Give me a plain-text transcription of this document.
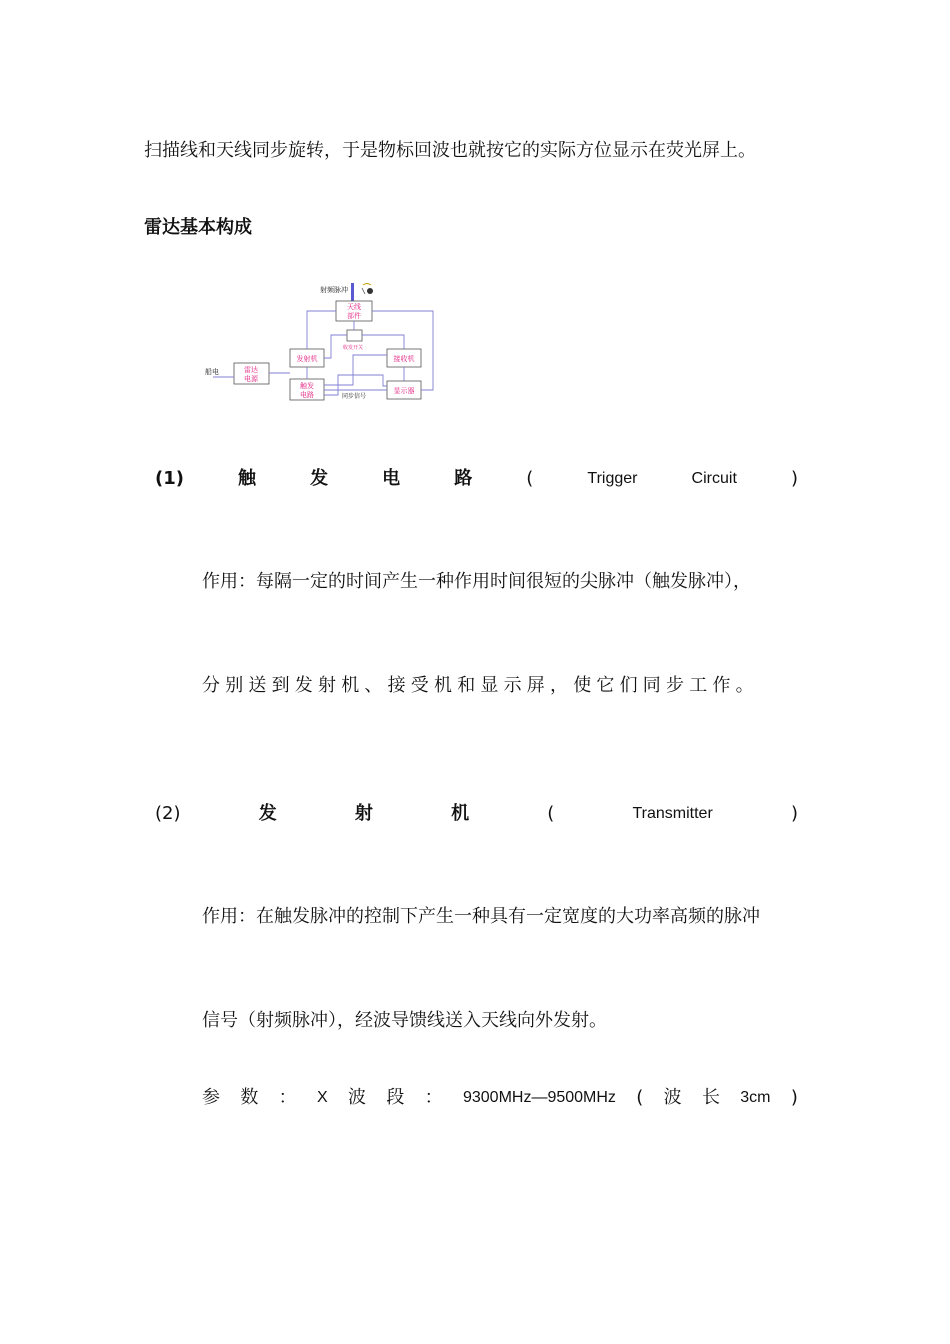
扫描线和天线同步旋转，于是物标回波也就按它的实际方位显示在荧光屏上。
雷达基本构成
射频脉冲
天线
部件
收发开关
发射机	接收机
船电	雷达
电源
触发
电路	显示器
同步信号
(1)	触	发	电	路	(	Trigger	Circuit	)
作用：每隔一定的时间产生一种作用时间很短的尖脉冲（触发脉冲），
分别送到发射机、接受机和显示屏，使它们同步工作。
(2)	发	射	机	(	Transmitter	)
作用：在触发脉冲的控制下产生一种具有一定宽度的大功率高频的脉冲
信号（射频脉冲），经波导馈线送入天线向外发射。
参 数 ： X 波 段 ： 9300MHz—9500MHz ( 波 长 3cm )
